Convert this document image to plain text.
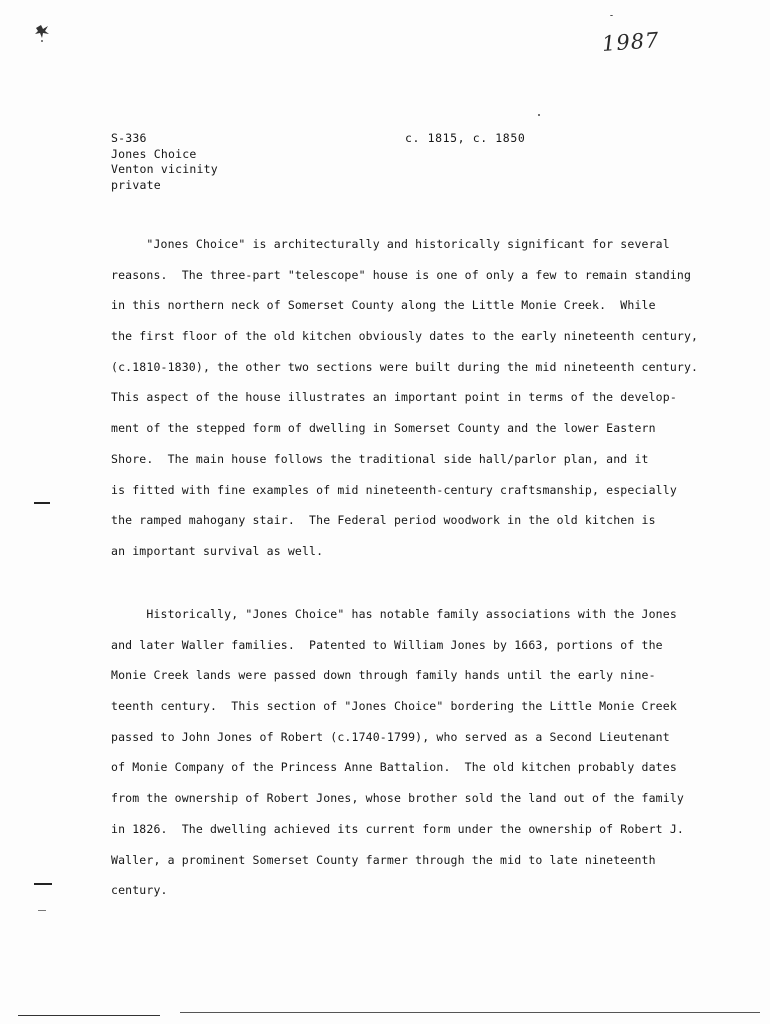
1987
S-336
Jones Choice
Venton vicinity
private
c. 1815, c. 1850
"Jones Choice" is architecturally and historically significant for several
reasons.  The three-part "telescope" house is one of only a few to remain standing
in this northern neck of Somerset County along the Little Monie Creek.  While
the first floor of the old kitchen obviously dates to the early nineteenth century,
(c.1810-1830), the other two sections were built during the mid nineteenth century.
This aspect of the house illustrates an important point in terms of the develop-
ment of the stepped form of dwelling in Somerset County and the lower Eastern
Shore.  The main house follows the traditional side hall/parlor plan, and it
is fitted with fine examples of mid nineteenth-century craftsmanship, especially
the ramped mahogany stair.  The Federal period woodwork in the old kitchen is
an important survival as well.
Historically, "Jones Choice" has notable family associations with the Jones
and later Waller families.  Patented to William Jones by 1663, portions of the
Monie Creek lands were passed down through family hands until the early nine-
teenth century.  This section of "Jones Choice" bordering the Little Monie Creek
passed to John Jones of Robert (c.1740-1799), who served as a Second Lieutenant
of Monie Company of the Princess Anne Battalion.  The old kitchen probably dates
from the ownership of Robert Jones, whose brother sold the land out of the family
in 1826.  The dwelling achieved its current form under the ownership of Robert J.
Waller, a prominent Somerset County farmer through the mid to late nineteenth
century.
